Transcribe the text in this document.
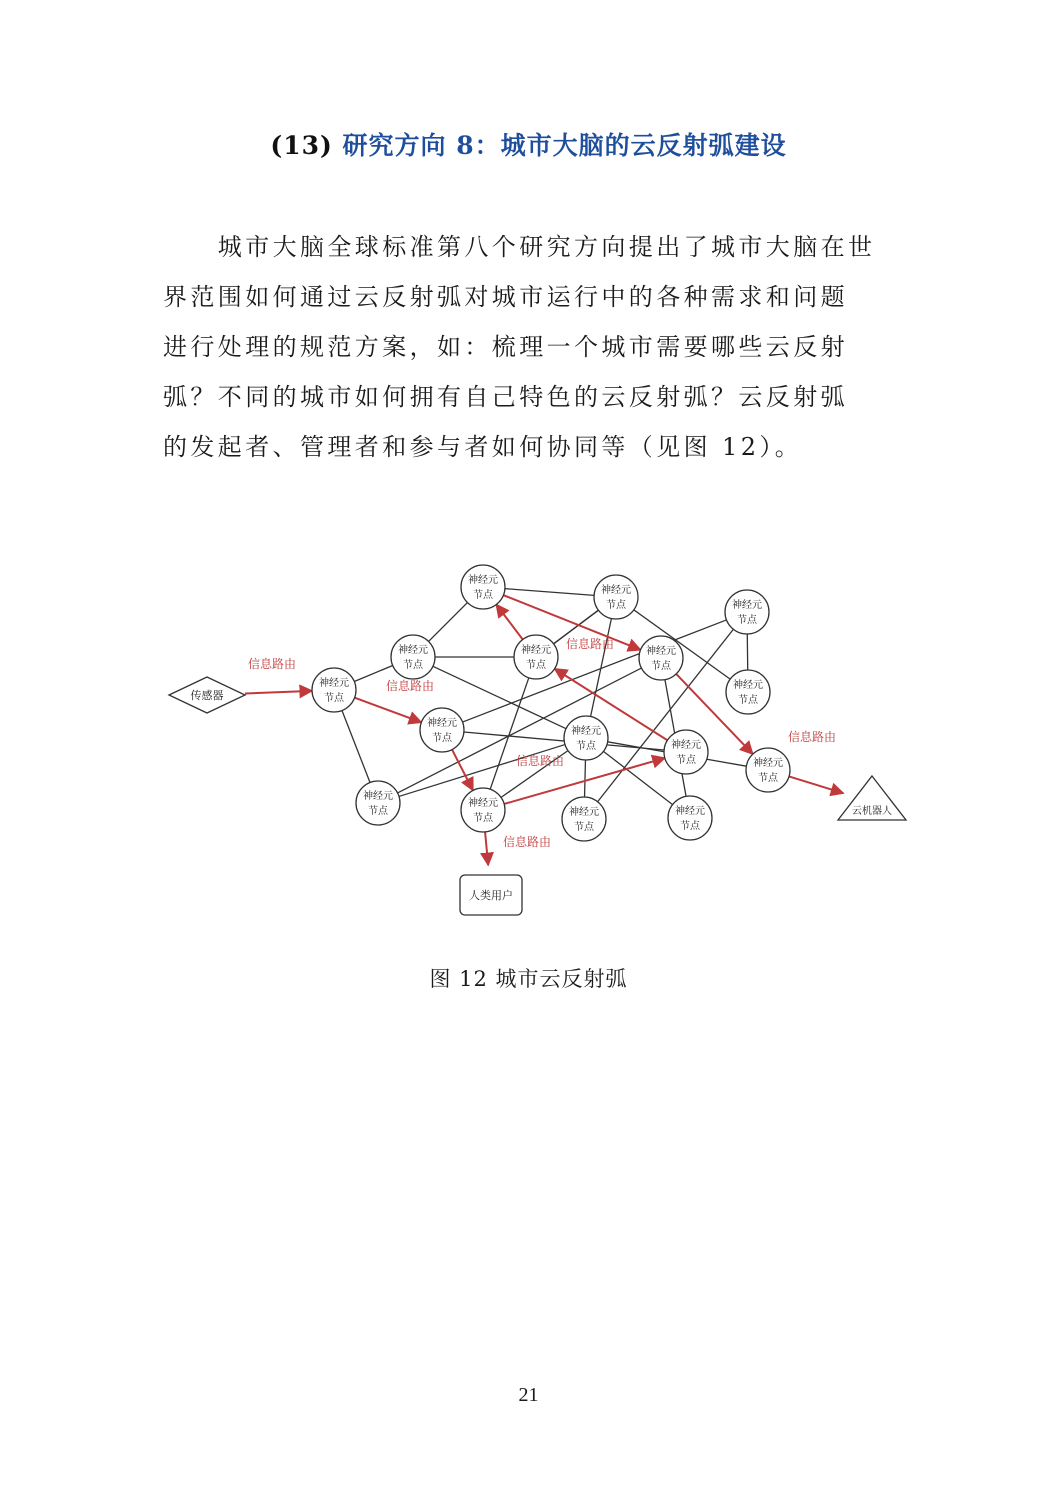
(13) 研究方向 8：城市大脑的云反射弧建设

　　城市大脑全球标准第八个研究方向提出了城市大脑在世

界范围如何通过云反射弧对城市运行中的各种需求和问题

进行处理的规范方案，如：梳理一个城市需要哪些云反射

弧？不同的城市如何拥有自己特色的云反射弧？云反射弧

的发起者、管理者和参与者如何协同等（见图 12）。

神经元
节点	神经元
节点
神经元
节点
神经元
节点
神经元
节点
神经元
节点
神经元
节点
神经元
节点
神经元
节点
神经元
节点	神经元
节点	神经元
节点
神经元
节点
神经元
节点
神经元
节点
神经元
节点
传感器
云机器人
人类用户
信息路由
信息路由
信息路由
信息路由
信息路由
信息路由
图 12 城市云反射弧
21
